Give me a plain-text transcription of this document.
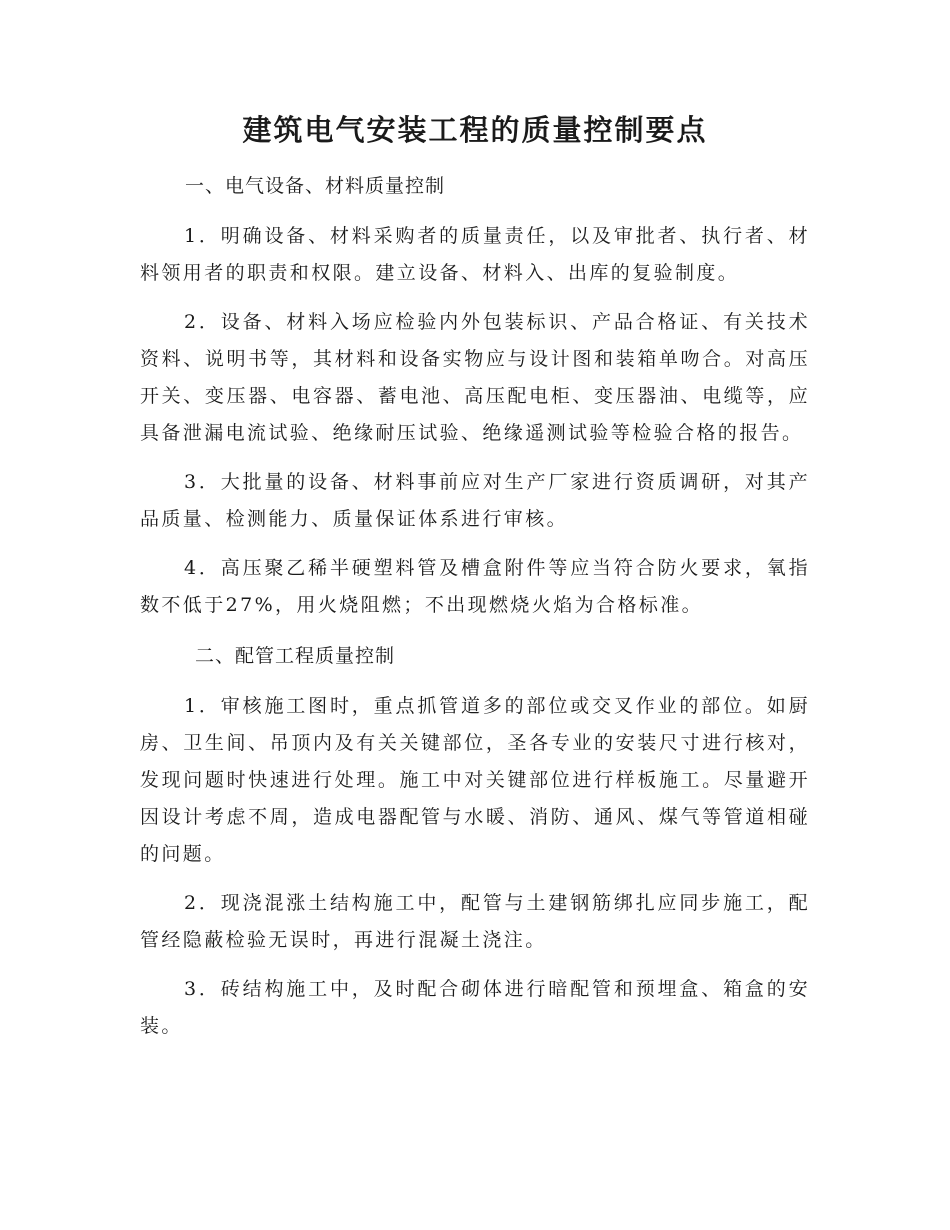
建筑电气安装工程的质量控制要点

一、电气设备、材料质量控制

1．明确设备、材料采购者的质量责任，以及审批者、执行者、材料领用者的职责和权限。建立设备、材料入、出库的复验制度。

2．设备、材料入场应检验内外包装标识、产品合格证、有关技术资料、说明书等，其材料和设备实物应与设计图和装箱单吻合。对高压开关、变压器、电容器、蓄电池、高压配电柜、变压器油、电缆等，应具备泄漏电流试验、绝缘耐压试验、绝缘遥测试验等检验合格的报告。

3．大批量的设备、材料事前应对生产厂家进行资质调研，对其产品质量、检测能力、质量保证体系进行审核。

4．高压聚乙稀半硬塑料管及槽盒附件等应当符合防火要求，氧指数不低于27%，用火烧阻燃；不出现燃烧火焰为合格标准。

二、配管工程质量控制

1．审核施工图时，重点抓管道多的部位或交叉作业的部位。如厨房、卫生间、吊顶内及有关关键部位，圣各专业的安装尺寸进行核对，发现问题时快速进行处理。施工中对关键部位进行样板施工。尽量避开因设计考虑不周，造成电器配管与水暖、消防、通风、煤气等管道相碰的问题。

2．现浇混涨土结构施工中，配管与土建钢筋绑扎应同步施工，配管经隐蔽检验无误时，再进行混凝土浇注。

3．砖结构施工中，及时配合砌体进行暗配管和预埋盒、箱盒的安装。
